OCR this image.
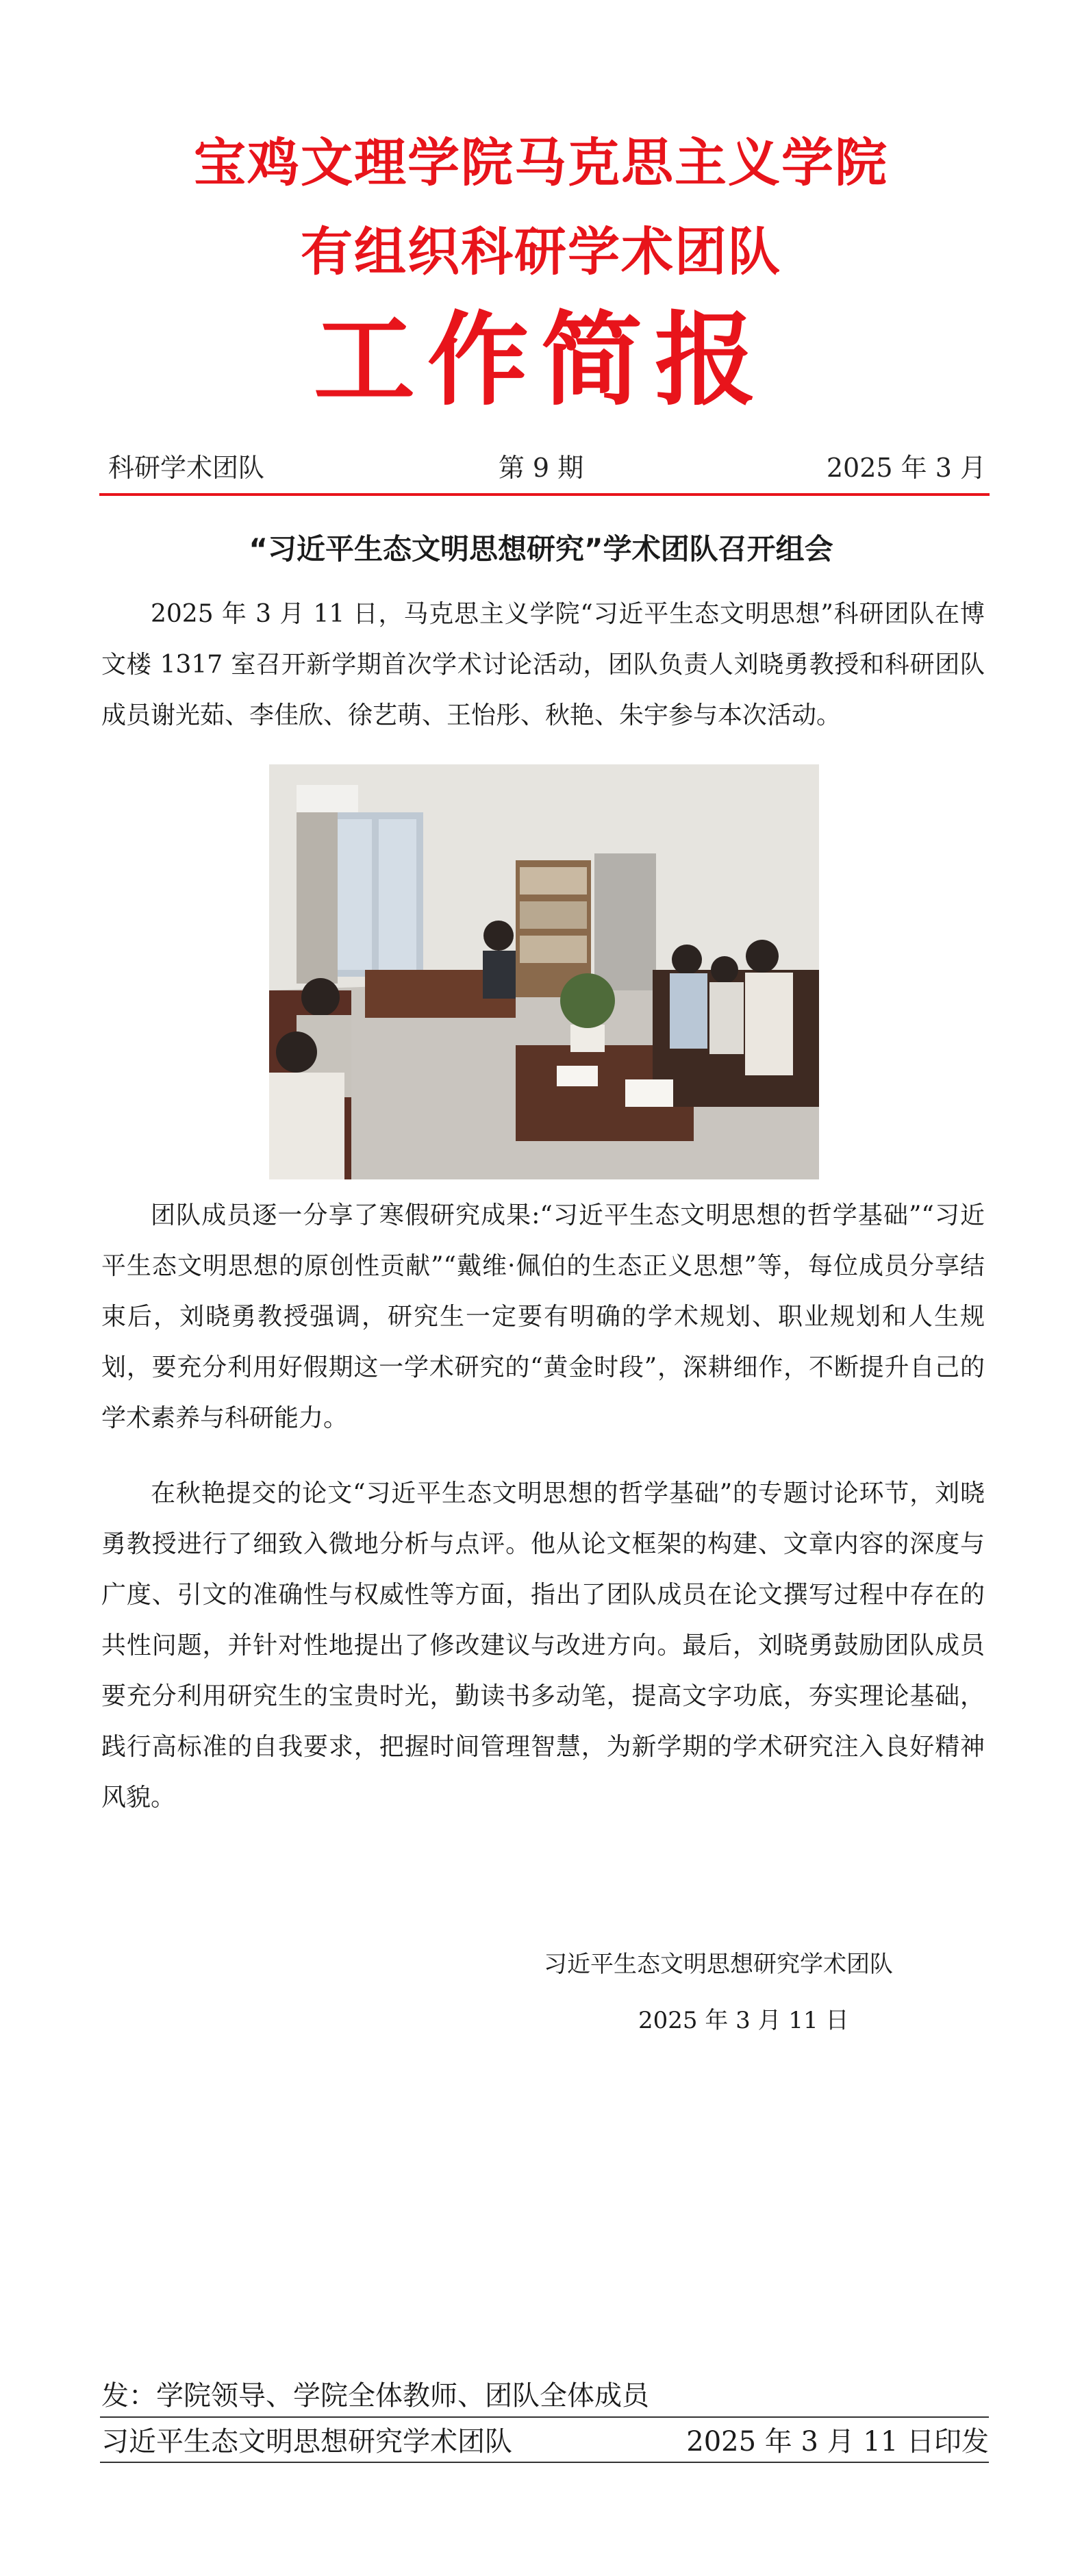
宝鸡文理学院马克思主义学院
有组织科研学术团队
工作简报
科研学术团队	第 9 期	2025 年 3 月
“习近平生态文明思想研究”学术团队召开组会

2025 年 3 月 11 日，马克思主义学院“习近平生态文明思想”科研团队在博文楼 1317 室召开新学期首次学术讨论活动，团队负责人刘晓勇教授和科研团队成员谢光茹、李佳欣、徐艺萌、王怡彤、秋艳、朱宇参与本次活动。

团队成员逐一分享了寒假研究成果:“习近平生态文明思想的哲学基础”“习近平生态文明思想的原创性贡献”“戴维·佩伯的生态正义思想”等，每位成员分享结束后，刘晓勇教授强调，研究生一定要有明确的学术规划、职业规划和人生规划，要充分利用好假期这一学术研究的“黄金时段”，深耕细作，不断提升自己的学术素养与科研能力。

在秋艳提交的论文“习近平生态文明思想的哲学基础”的专题讨论环节，刘晓勇教授进行了细致入微地分析与点评。他从论文框架的构建、文章内容的深度与广度、引文的准确性与权威性等方面，指出了团队成员在论文撰写过程中存在的共性问题，并针对性地提出了修改建议与改进方向。最后，刘晓勇鼓励团队成员要充分利用研究生的宝贵时光，勤读书多动笔，提高文字功底，夯实理论基础，践行高标准的自我要求，把握时间管理智慧，为新学期的学术研究注入良好精神风貌。

习近平生态文明思想研究学术团队
2025 年 3 月 11 日
发：学院领导、学院全体教师、团队全体成员
习近平生态文明思想研究学术团队	2025 年 3 月 11 日印发
